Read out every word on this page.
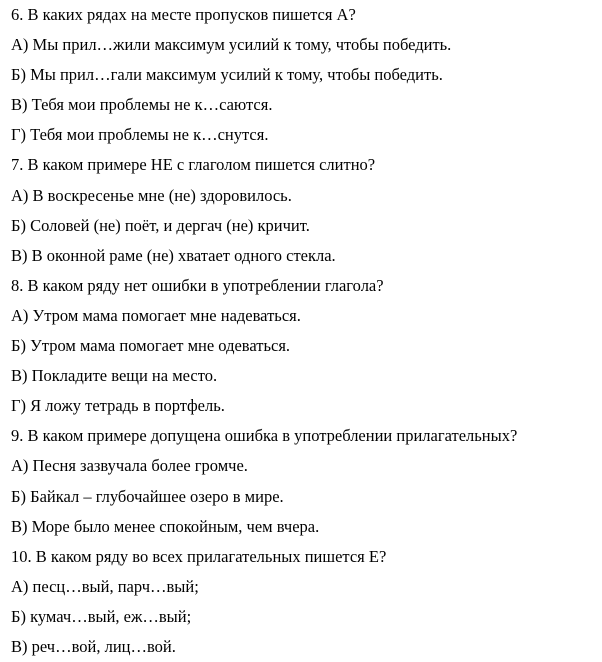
6. В каких рядах на месте пропусков пишется А?
А) Мы прил…жили максимум усилий к тому, чтобы победить.
Б) Мы прил…гали максимум усилий к тому, чтобы победить.
В) Тебя мои проблемы не к…саются.
Г) Тебя мои проблемы не к…снутся.
7. В каком примере НЕ с глаголом пишется слитно?
А) В воскресенье мне (не) здоровилось.
Б) Соловей (не) поёт, и дергач (не) кричит.
В) В оконной раме (не) хватает одного стекла.
8. В каком ряду нет ошибки в употреблении глагола?
А) Утром мама помогает мне надеваться.
Б) Утром мама помогает мне одеваться.
В) Покладите вещи на место.
Г) Я ложу тетрадь в портфель.
9. В каком примере допущена ошибка в употреблении прилагательных?
А) Песня зазвучала более громче.
Б) Байкал – глубочайшее озеро в мире.
В) Море было менее спокойным, чем вчера.
10. В каком ряду во всех прилагательных пишется Е?
А) песц…вый, парч…вый;
Б) кумач…вый, еж…вый;
В) реч…вой, лиц…вой.
